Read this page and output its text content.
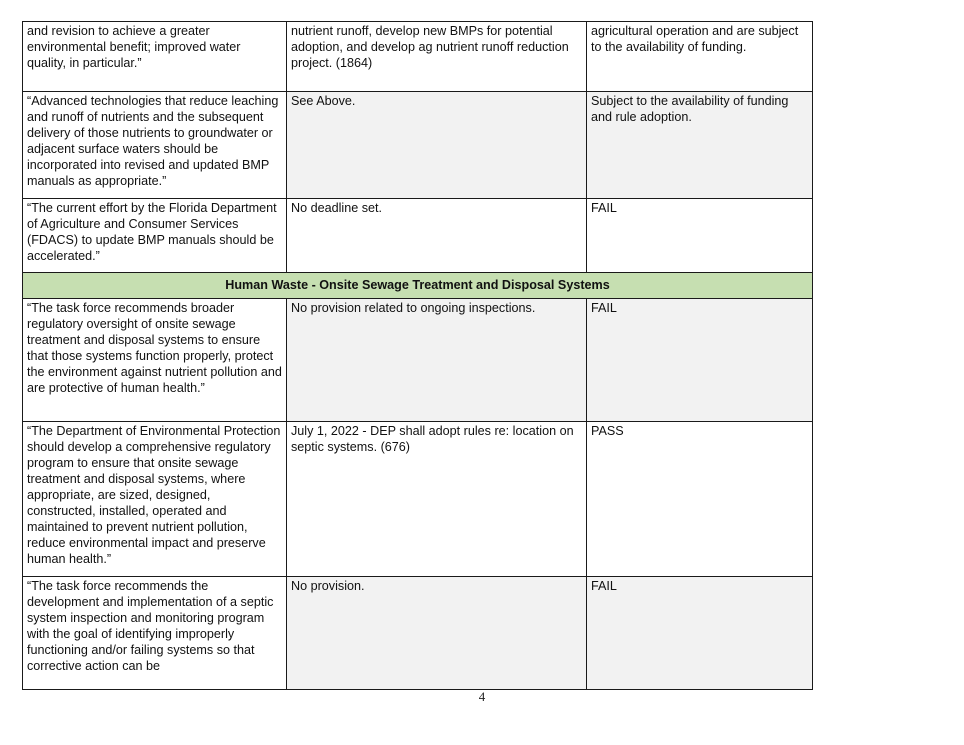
and revision to achieve a greater environmental benefit; improved water quality, in particular.”	nutrient runoff, develop new BMPs for potential adoption, and develop ag nutrient runoff reduction project. (1864)	agricultural operation and are subject to the availability of funding.
“Advanced technologies that reduce leaching and runoff of nutrients and the subsequent delivery of those nutrients to groundwater or adjacent surface waters should be incorporated into revised and updated BMP manuals as appropriate.”	See Above.	Subject to the availability of funding and rule adoption.
“The current effort by the Florida Department of Agriculture and Consumer Services (FDACS) to update BMP manuals should be accelerated.”	No deadline set.	FAIL
Human Waste - Onsite Sewage Treatment and Disposal Systems		
“The task force recommends broader regulatory oversight of onsite sewage treatment and disposal systems to ensure that those systems function properly, protect the environment against nutrient pollution and are protective of human health.”	No provision related to ongoing inspections.	FAIL
“The Department of Environmental Protection should develop a comprehensive regulatory program to ensure that onsite sewage treatment and disposal systems, where appropriate, are sized, designed, constructed, installed, operated and maintained to prevent nutrient pollution, reduce environmental impact and preserve human health.”	July 1, 2022 - DEP shall adopt rules re: location on septic systems. (676)	PASS
“The task force recommends the development and implementation of a septic system inspection and monitoring program with the goal of identifying improperly functioning and/or failing systems so that corrective action can be	No provision.	FAIL
4
